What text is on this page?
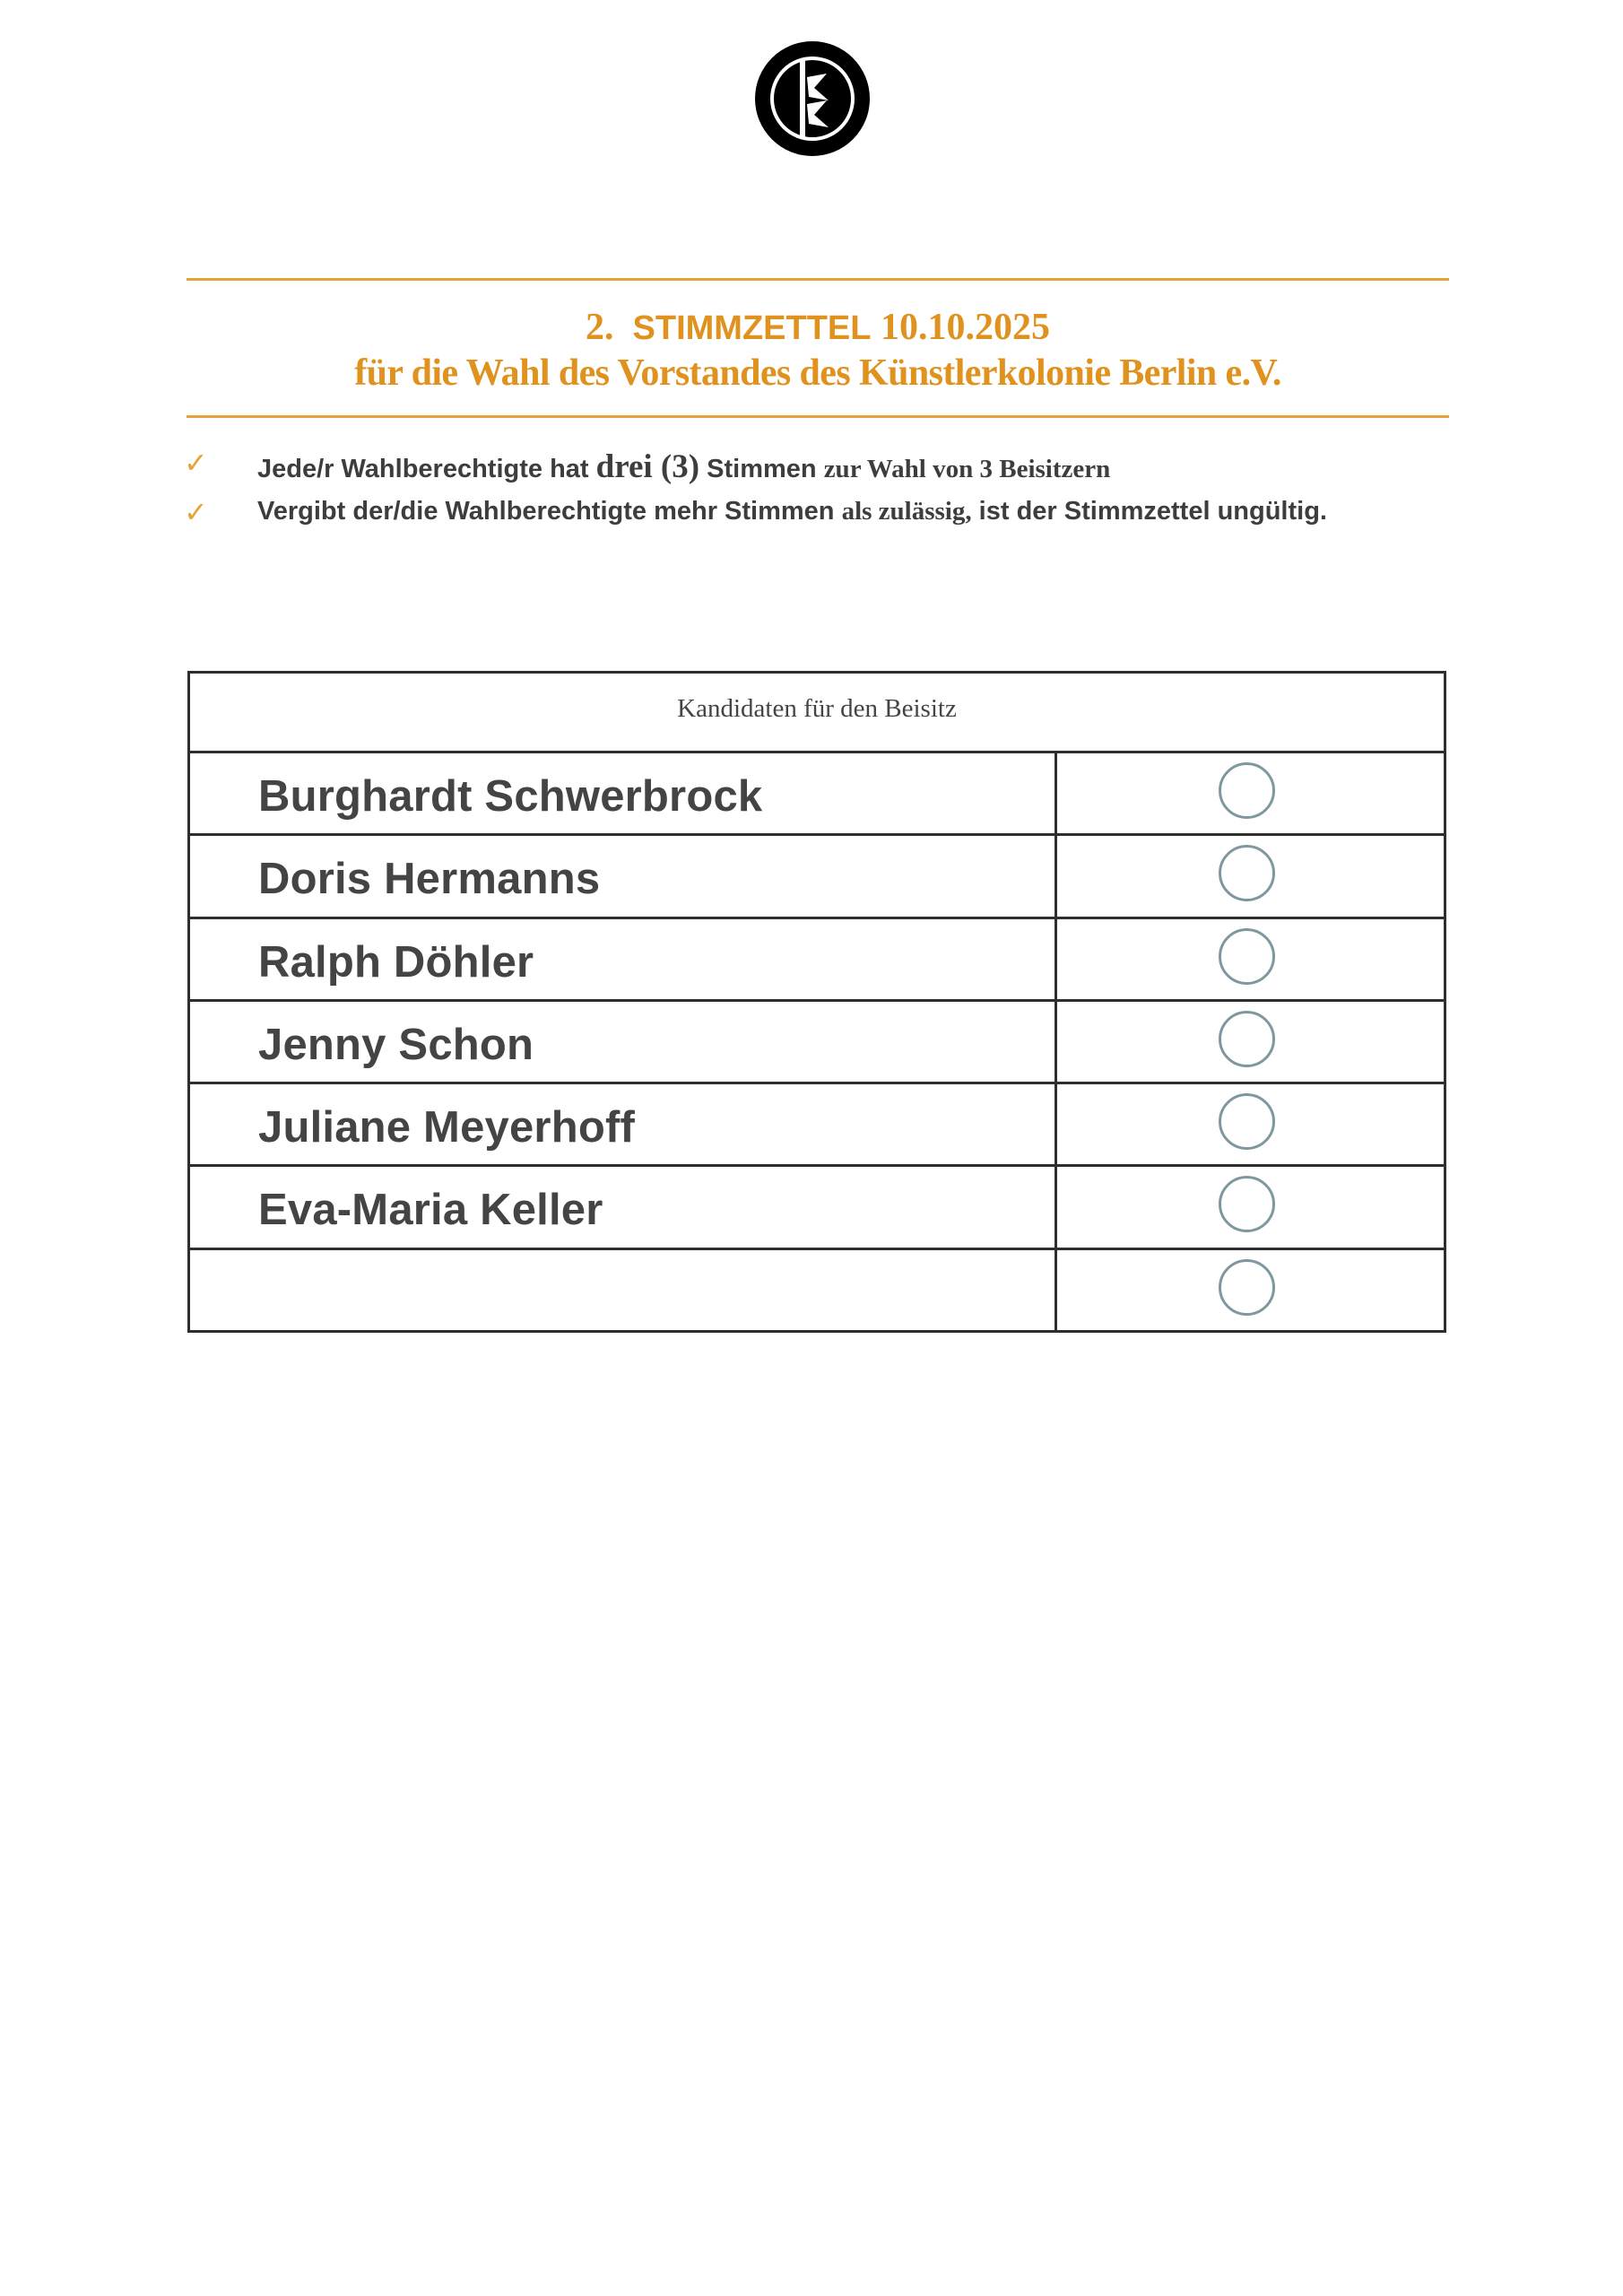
2. STIMMZETTEL 10.10.2025
für die Wahl des Vorstandes des Künstlerkolonie Berlin e.V.
✓ Jede/r Wahlberechtigte hat drei (3) Stimmen zur Wahl von 3 Beisitzern
✓ Vergibt der/die Wahlberechtigte mehr Stimmen als zulässig, ist der Stimmzettel ungültig.
Kandidaten für den Beisitz
Burghardt Schwerbrock
Doris Hermanns
Ralph Döhler
Jenny Schon
Juliane Meyerhoff
Eva-Maria Keller
